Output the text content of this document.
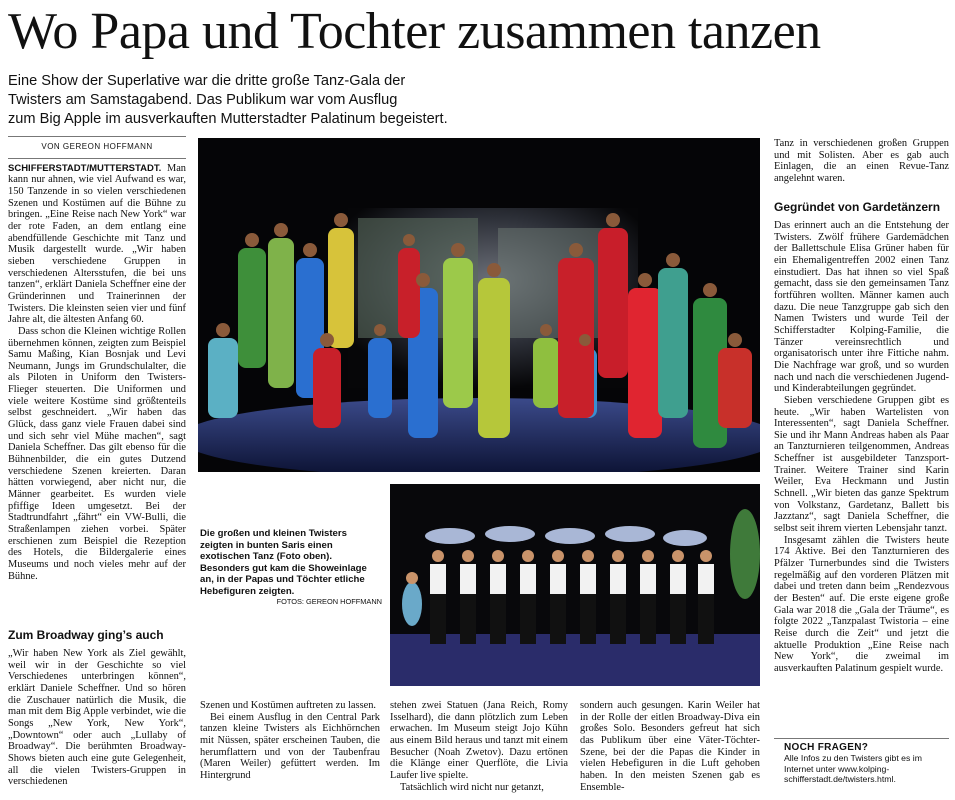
Wo Papa und Tochter zusammen tanzen
Eine Show der Superlative war die dritte große Tanz-Gala der
Twisters am Samstagabend. Das Publikum war vom Ausflug
zum Big Apple im ausverkauften Mutterstadter Palatinum begeistert.
VON GEREON HOFFMANN

SCHIFFERSTADT/MUTTERSTADT. Man kann nur ahnen, wie viel Aufwand es war, 150 Tanzende in so vielen verschiedenen Szenen und Kostümen auf die Bühne zu bringen. „Eine Reise nach New York“ war der rote Faden, an dem entlang eine abendfüllende Geschichte mit Tanz und Musik dargestellt wurde. „Wir haben sieben verschiedene Gruppen in verschiedenen Altersstufen, die bei uns tanzen“, erklärt Daniela Scheffner eine der Gründerinnen und Trainerinnen der Twisters. Die kleinsten seien vier und fünf Jahre alt, die ältesten Anfang 60.

Dass schon die Kleinen wichtige Rollen übernehmen können, zeigten zum Beispiel Samu Maßing, Kian Bosnjak und Levi Neumann, Jungs im Grundschulalter, die als Piloten in Uniform den Twisters-Flieger steuerten. Die Uniformen und viele weitere Kostüme sind größtenteils selbst geschneidert. „Wir haben das Glück, dass ganz viele Frauen dabei sind und sich sehr viel Mühe machen“, sagt Daniela Scheffner. Das gilt ebenso für die Bühnenbilder, die ein gutes Dutzend verschiedene Szenen kreierten. Daran hätten vorwiegend, aber nicht nur, die Männer gearbeitet. Es wurden viele pfiffige Ideen umgesetzt. Bei der Stadtrundfahrt „fährt“ ein VW-Bulli, die Straßenlampen ziehen vorbei. Später erschienen zum Beispiel die Rezeption des Hotels, die Bildergalerie eines Museums und noch vieles mehr auf der Bühne.

Zum Broadway ging’s auch

„Wir haben New York als Ziel gewählt, weil wir in der Geschichte so viel Verschiedenes unterbringen können“, erklärt Daniele Scheffner. Und so hören die Zuschauer natürlich die Musik, die man mit dem Big Apple verbindet, wie die Songs „New York, New York“, „Downtown“ oder auch „Lullaby of Broadway“. Die berühmten Broadway-Shows bieten auch eine gute Gelegenheit, all die vielen Twisters-Gruppen in verschiedenen

Die großen und kleinen Twisters zeigten in bunten Saris einen exotischen Tanz (Foto oben). Besonders gut kam die Showeinlage an, in der Papas und Töchter etliche Hebefiguren zeigten.
FOTOS: GEREON HOFFMANN

Szenen und Kostümen auftreten zu lassen.

Bei einem Ausflug in den Central Park tanzen kleine Twisters als Eichhörnchen mit Nüssen, später erscheinen Tauben, die herumflattern und von der Taubenfrau (Maren Weiler) gefüttert werden. Im Hintergrund

stehen zwei Statuen (Jana Reich, Romy Isselhard), die dann plötzlich zum Leben erwachen. Im Museum steigt Jojo Kühn aus einem Bild heraus und tanzt mit einem Besucher (Noah Zwetov). Dazu ertönen die Klänge einer Querflöte, die Livia Laufer live spielte.

Tatsächlich wird nicht nur getanzt,

sondern auch gesungen. Karin Weiler hat in der Rolle der eitlen Broadway-Diva ein großes Solo. Besonders gefreut hat sich das Publikum über eine Väter-Töchter-Szene, bei der die Papas die Kinder in vielen Hebefiguren in die Luft gehoben haben. In den meisten Szenen gab es Ensemble-

Tanz in verschiedenen großen Gruppen und mit Solisten. Aber es gab auch Einlagen, die an einen Revue-Tanz angelehnt waren.

Gegründet von Gardetänzern

Das erinnert auch an die Entstehung der Twisters. Zwölf frühere Gardemädchen der Ballettschule Elisa Grüner haben für ein Ehemaligentreffen 2002 einen Tanz einstudiert. Das hat ihnen so viel Spaß gemacht, dass sie den gemeinsamen Tanz fortführen wollten. Männer kamen auch dazu. Die neue Tanzgruppe gab sich den Namen Twisters und wurde Teil der Schifferstadter Kolping-Familie, die Tänzer vereinsrechtlich und organisatorisch unter ihre Fittiche nahm. Die Nachfrage war groß, und so wurden nach und nach die verschiedenen Jugend- und Kinderabteilungen gegründet.

Sieben verschiedene Gruppen gibt es heute. „Wir haben Wartelisten von Interessenten“, sagt Daniela Scheffner. Sie und ihr Mann Andreas haben als Paar an Tanzturnieren teilgenommen, Andreas Scheffner ist ausgebildeter Tanzsport-Trainer. Weitere Trainer sind Karin Weiler, Eva Heckmann und Justin Schnell. „Wir bieten das ganze Spektrum von Volkstanz, Gardetanz, Ballett bis Jazztanz“, sagt Daniela Scheffner, die selbst seit ihrem vierten Lebensjahr tanzt.

Insgesamt zählen die Twisters heute 174 Aktive. Bei den Tanzturnieren des Pfälzer Turnerbundes sind die Twisters regelmäßig auf den vorderen Plätzen mit dabei und treten dann beim „Rendezvous der Besten“ auf. Die erste eigene große Gala war 2018 die „Gala der Träume“, es folgte 2022 „Tanzpalast Twistoria – eine Reise durch die Zeit“ und jetzt die aktuelle Produktion „Eine Reise nach New York“, die zweimal im ausverkauften Palatinum gespielt wurde.

NOCH FRAGEN?
Alle Infos zu den Twisters gibt es im Internet unter www.kolping-schifferstadt.de/twisters.html.
